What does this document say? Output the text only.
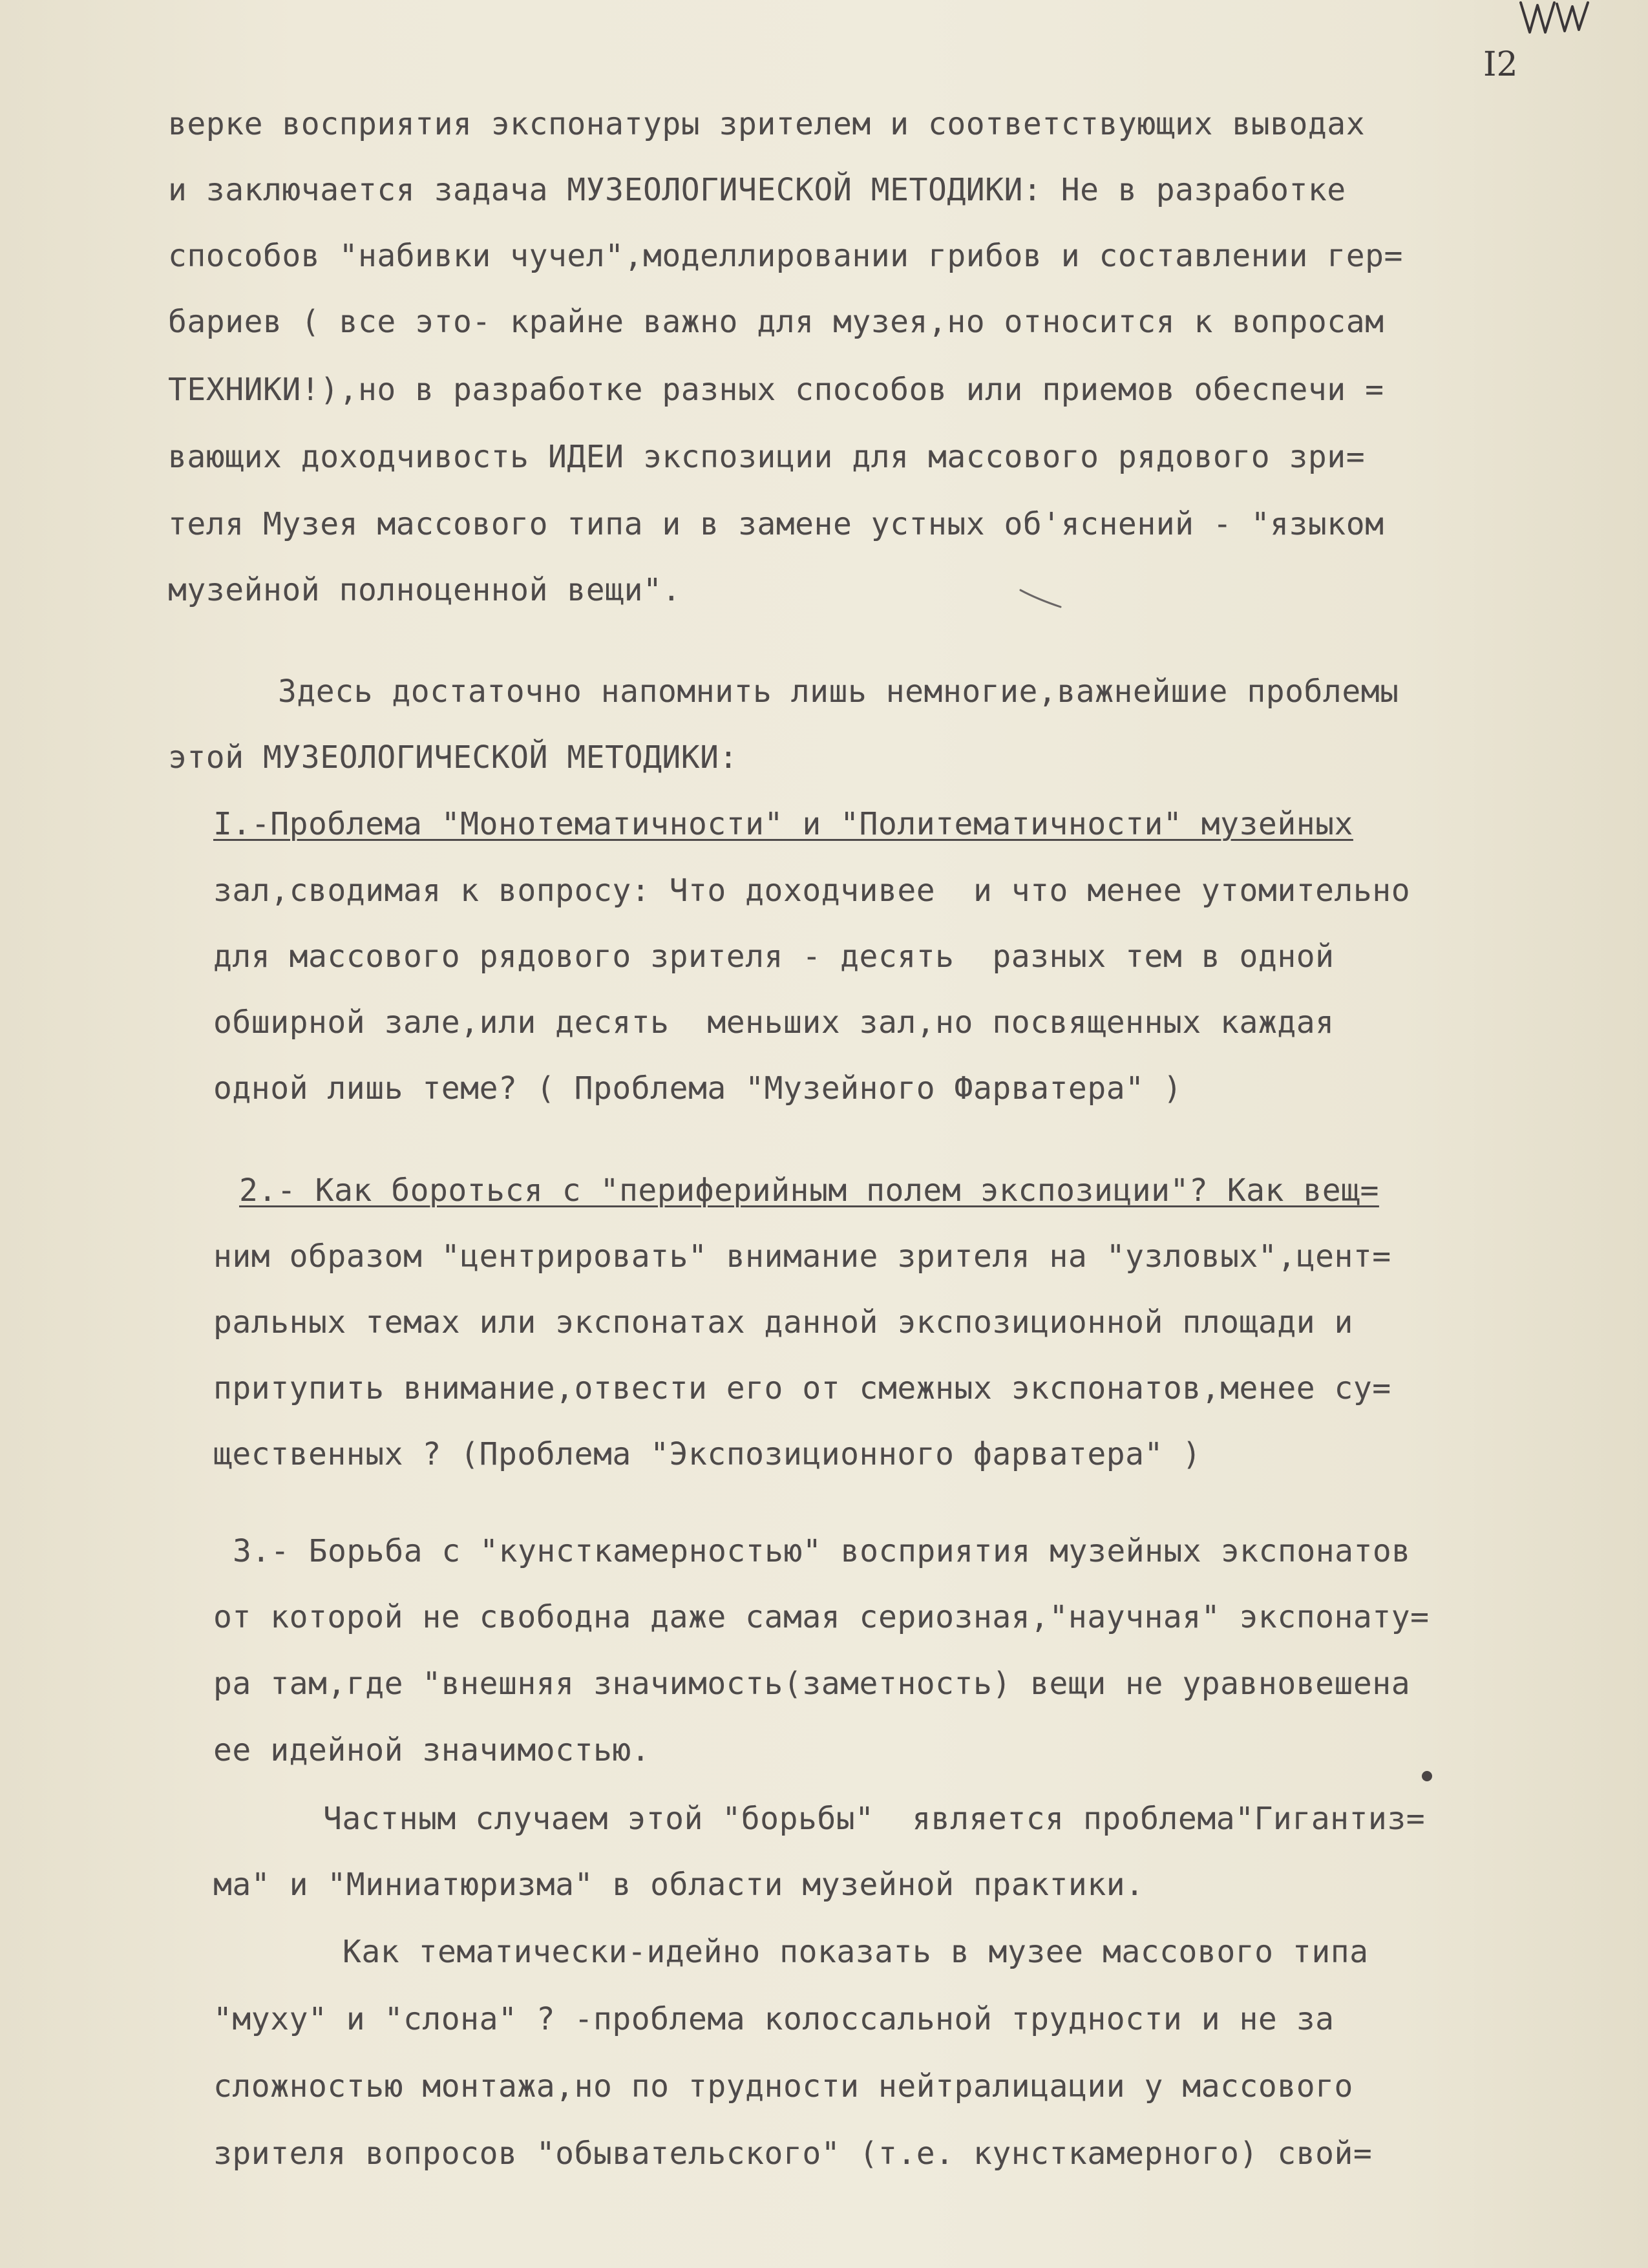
I2

верке восприятия экспонатуры зрителем и соответствующих выводах

и заключается задача МУЗЕОЛОГИЧЕСКОЙ МЕТОДИКИ: Не в разработке

способов "набивки чучел",моделлировании грибов и составлении гер=

бариев ( все это- крайне важно для музея,но относится к вопросам

ТЕХНИКИ!),но в разработке разных способов или приемов обеспечи =

вающих доходчивость ИДЕИ экспозиции для массового рядового зри=

теля Музея массового типа и в замене устных об'яснений - "языком

музейной полноценной вещи".

Здесь достаточно напомнить лишь немногие,важнейшие проблемы

этой МУЗЕОЛОГИЧЕСКОЙ МЕТОДИКИ:

I.-Проблема "Монотематичности" и "Политематичности" музейных

зал,сводимая к вопросу: Что доходчивее  и что менее утомительно

для массового рядового зрителя - десять  разных тем в одной

обширной зале,или десять  меньших зал,но посвященных каждая

одной лишь теме? ( Проблема "Музейного Фарватера" )

2.- Как бороться с "периферийным полем экспозиции"? Как вещ=

ним образом "центрировать" внимание зрителя на "узловых",цент=

ральных темах или экспонатах данной экспозиционной площади и

притупить внимание,отвести его от смежных экспонатов,менее су=

щественных ? (Проблема "Экспозиционного фарватера" )

3.- Борьба с "кунсткамерностью" восприятия музейных экспонатов

от которой не свободна даже самая сериозная,"научная" экспонату=

ра там,где "внешняя значимость(заметность) вещи не уравновешена

ее идейной значимостью.

Частным случаем этой "борьбы"  является проблема"Гигантиз=

ма" и "Миниатюризма" в области музейной практики.

Как тематически-идейно показать в музее массового типа

"муху" и "слона" ? -проблема колоссальной трудности и не за

сложностью монтажа,но по трудности нейтралицации у массового

зрителя вопросов "обывательского" (т.е. кунсткамерного) свой=
